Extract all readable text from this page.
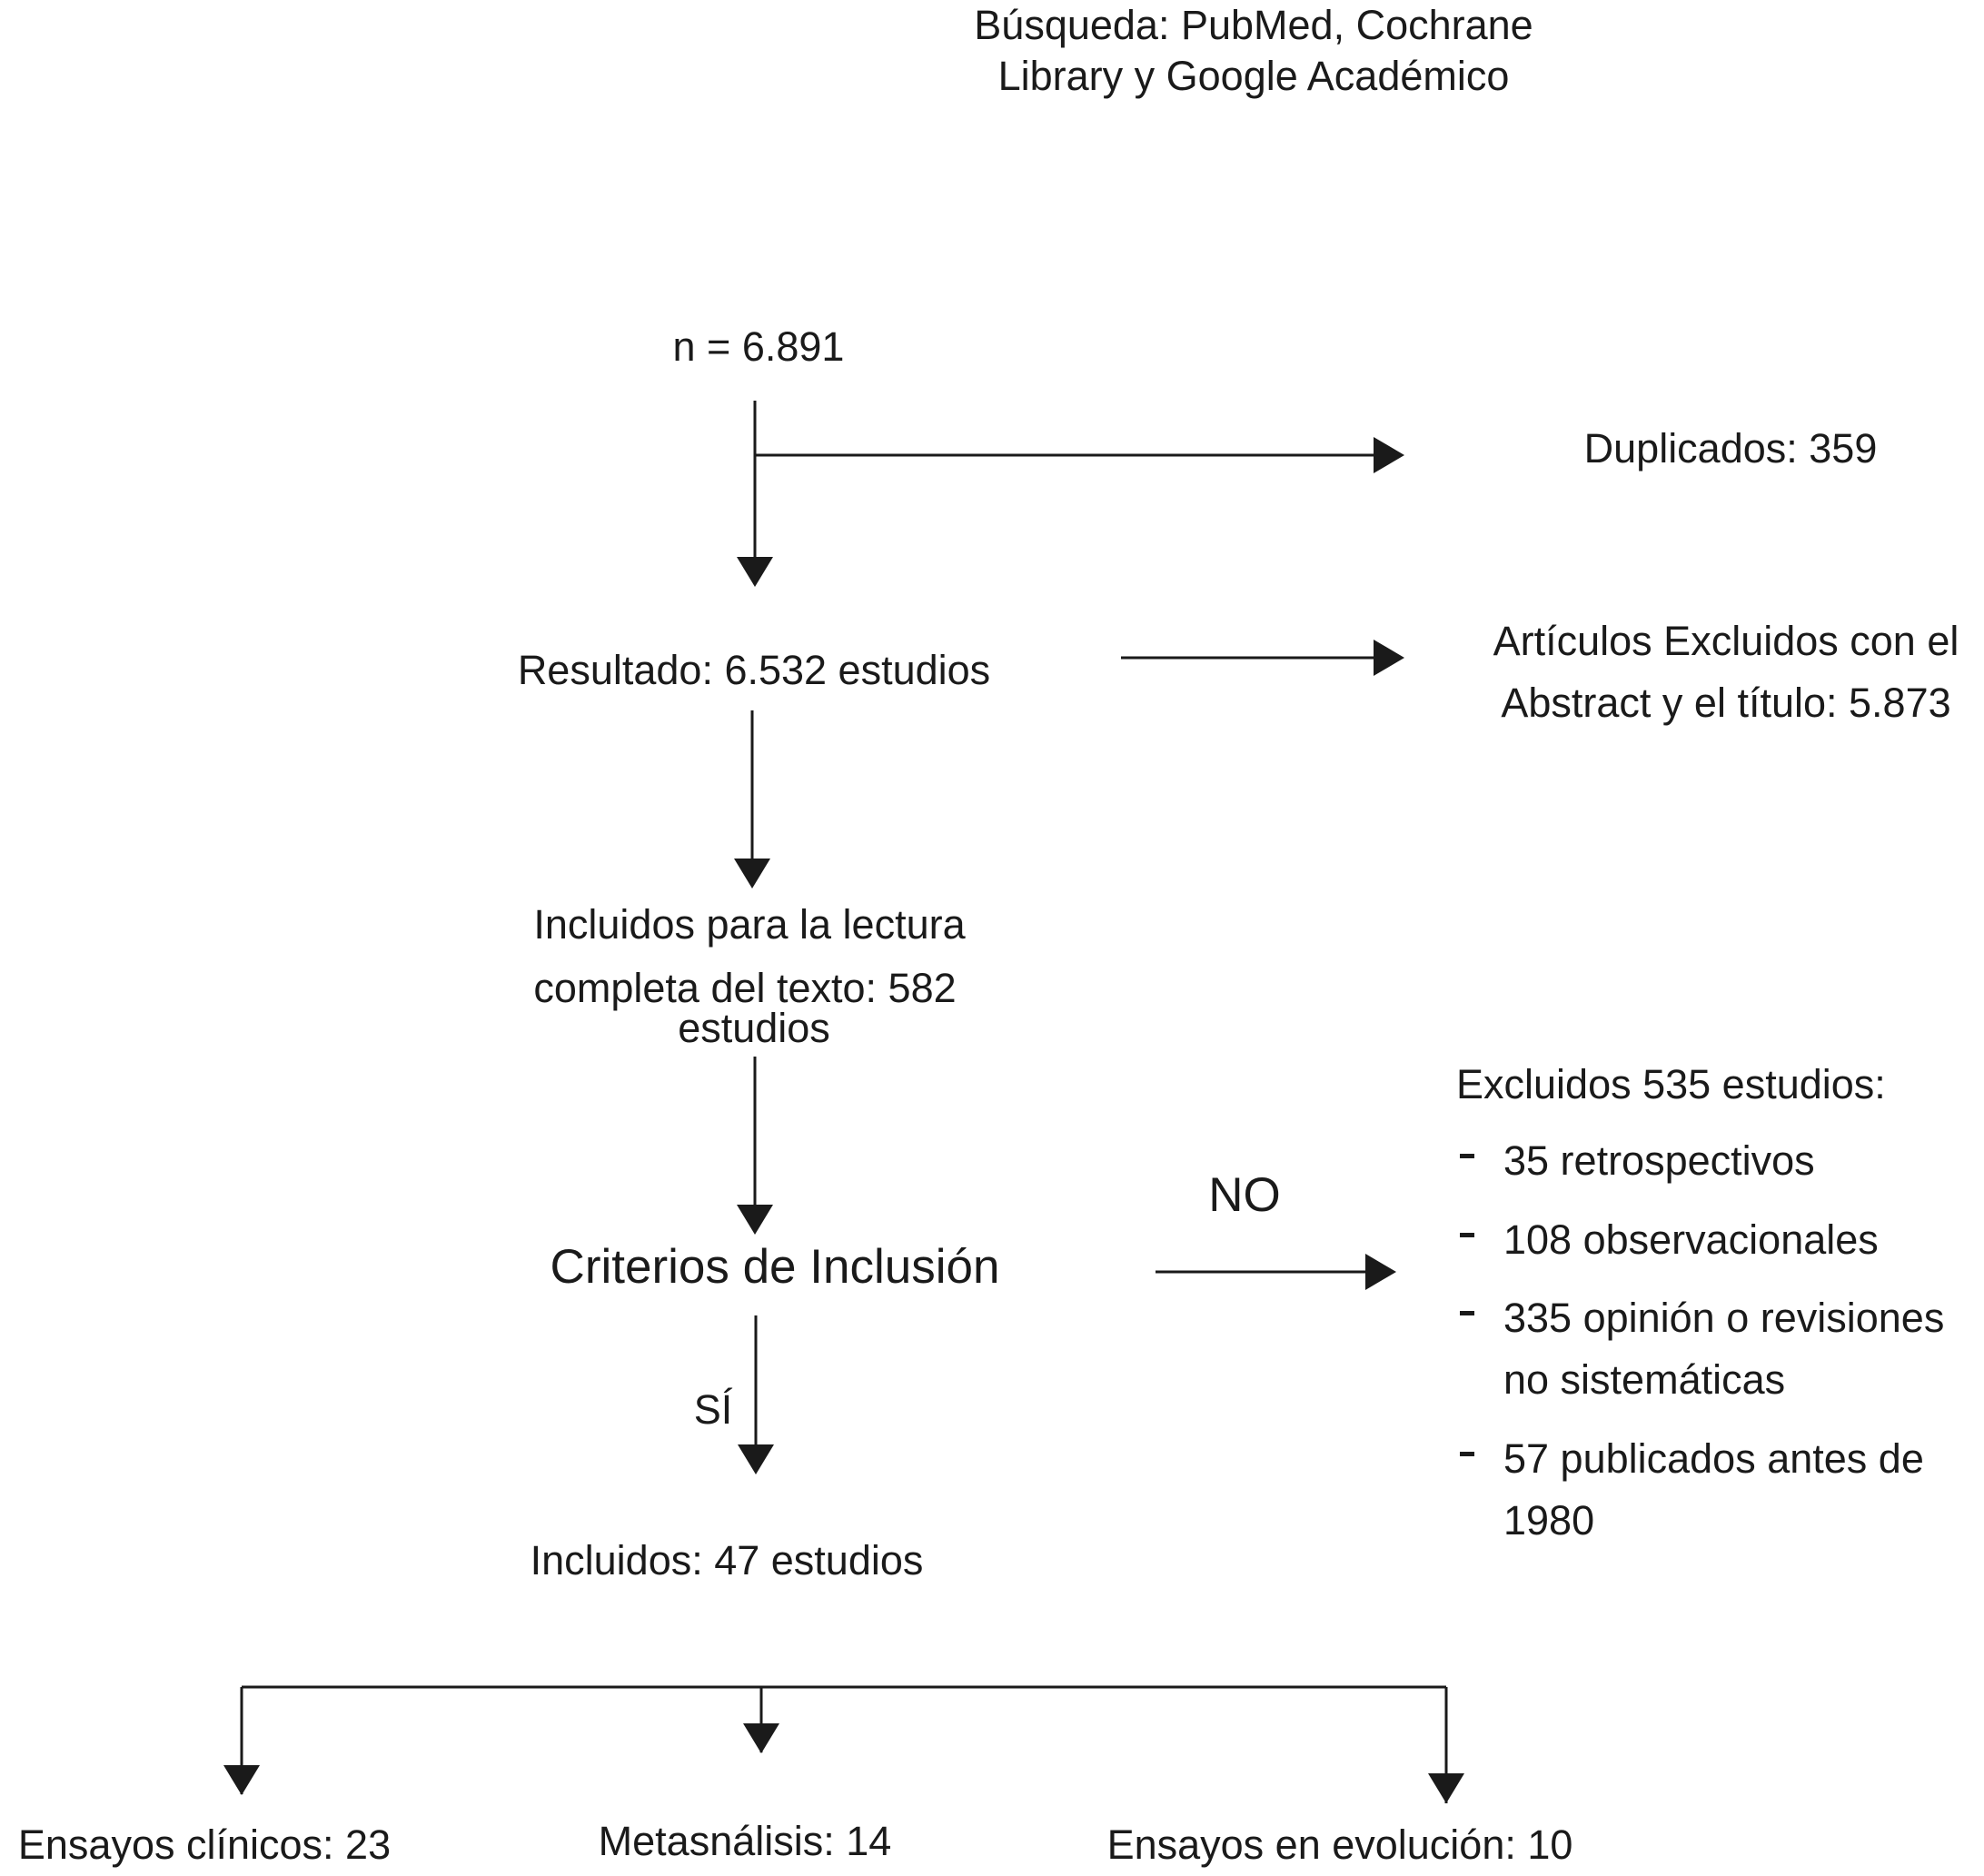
Búsqueda: PubMed, Cochrane
Library y Google Académico
n = 6.891
Duplicados: 359
Resultado: 6.532 estudios
Artículos Excluidos con el
Abstract y el título: 5.873
Incluidos para la lectura
completa del texto: 582
estudios
Criterios de Inclusión
NO
SÍ
Incluidos: 47 estudios
Excluidos 535 estudios:
35 retrospectivos
108 observacionales
335 opinión o revisiones
no sistemáticas
57 publicados antes de
1980
Ensayos clínicos: 23	Metasnálisis: 14	Ensayos en evolución: 10
